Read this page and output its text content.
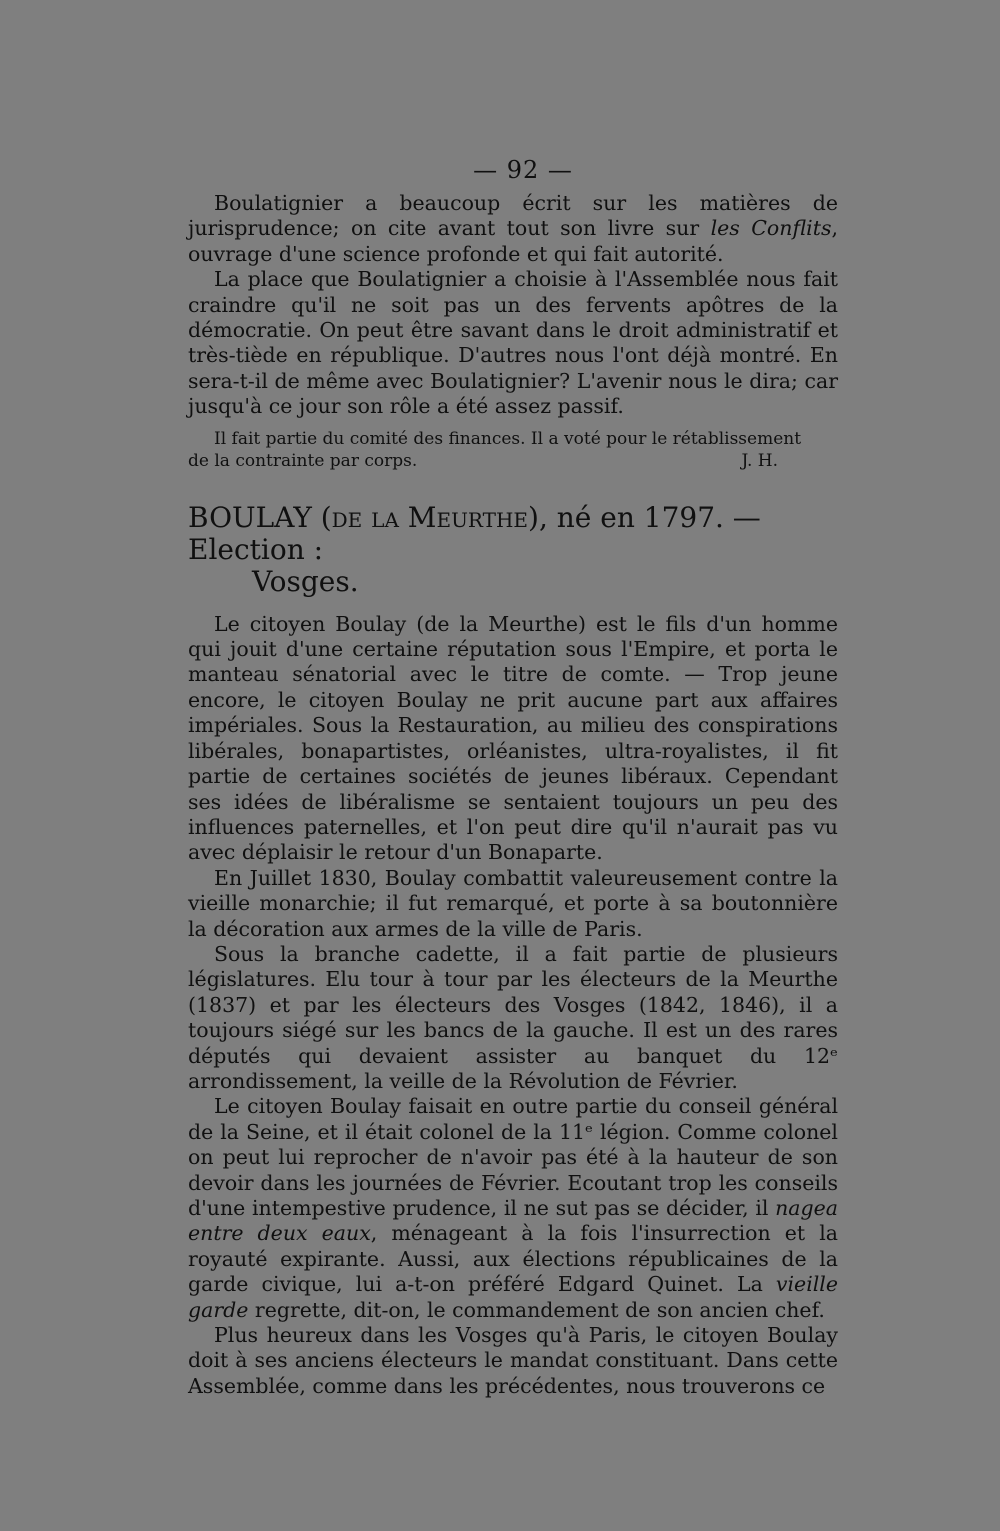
— 92 —

Boulatignier a beaucoup écrit sur les matières de jurisprudence; on cite avant tout son livre sur les Conflits, ouvrage d'une science profonde et qui fait autorité.

La place que Boulatignier a choisie à l'Assemblée nous fait craindre qu'il ne soit pas un des fervents apôtres de la démocratie. On peut être savant dans le droit administratif et très-tiède en république. D'autres nous l'ont déjà montré. En sera-t-il de même avec Boulatignier? L'avenir nous le dira; car jusqu'à ce jour son rôle a été assez passif.

Il fait partie du comité des finances. Il a voté pour le rétablissement
de la contrainte par corps.	J. H.
BOULAY (de la Meurthe), né en 1797. — Election :
Vosges.

Le citoyen Boulay (de la Meurthe) est le fils d'un homme qui jouit d'une certaine réputation sous l'Empire, et porta le manteau sénatorial avec le titre de comte. — Trop jeune encore, le citoyen Boulay ne prit aucune part aux affaires impériales. Sous la Restauration, au milieu des conspirations libérales, bonapartistes, orléanistes, ultra-royalistes, il fit partie de certaines sociétés de jeunes libéraux. Cependant ses idées de libéralisme se sentaient toujours un peu des influences paternelles, et l'on peut dire qu'il n'aurait pas vu avec déplaisir le retour d'un Bonaparte.

En Juillet 1830, Boulay combattit valeureusement contre la vieille monarchie; il fut remarqué, et porte à sa boutonnière la décoration aux armes de la ville de Paris.

Sous la branche cadette, il a fait partie de plusieurs législatures. Elu tour à tour par les électeurs de la Meurthe (1837) et par les électeurs des Vosges (1842, 1846), il a toujours siégé sur les bancs de la gauche. Il est un des rares députés qui devaient assister au banquet du 12ᵉ arrondissement, la veille de la Révolution de Février.

Le citoyen Boulay faisait en outre partie du conseil général de la Seine, et il était colonel de la 11ᵉ légion. Comme colonel on peut lui reprocher de n'avoir pas été à la hauteur de son devoir dans les journées de Février. Ecoutant trop les conseils d'une intempestive prudence, il ne sut pas se décider, il nagea entre deux eaux, ménageant à la fois l'insurrection et la royauté expirante. Aussi, aux élections républicaines de la garde civique, lui a-t-on préféré Edgard Quinet. La vieille garde regrette, dit-on, le commandement de son ancien chef.

Plus heureux dans les Vosges qu'à Paris, le citoyen Boulay doit à ses anciens électeurs le mandat constituant. Dans cette Assemblée, comme dans les précédentes, nous trouverons ce
